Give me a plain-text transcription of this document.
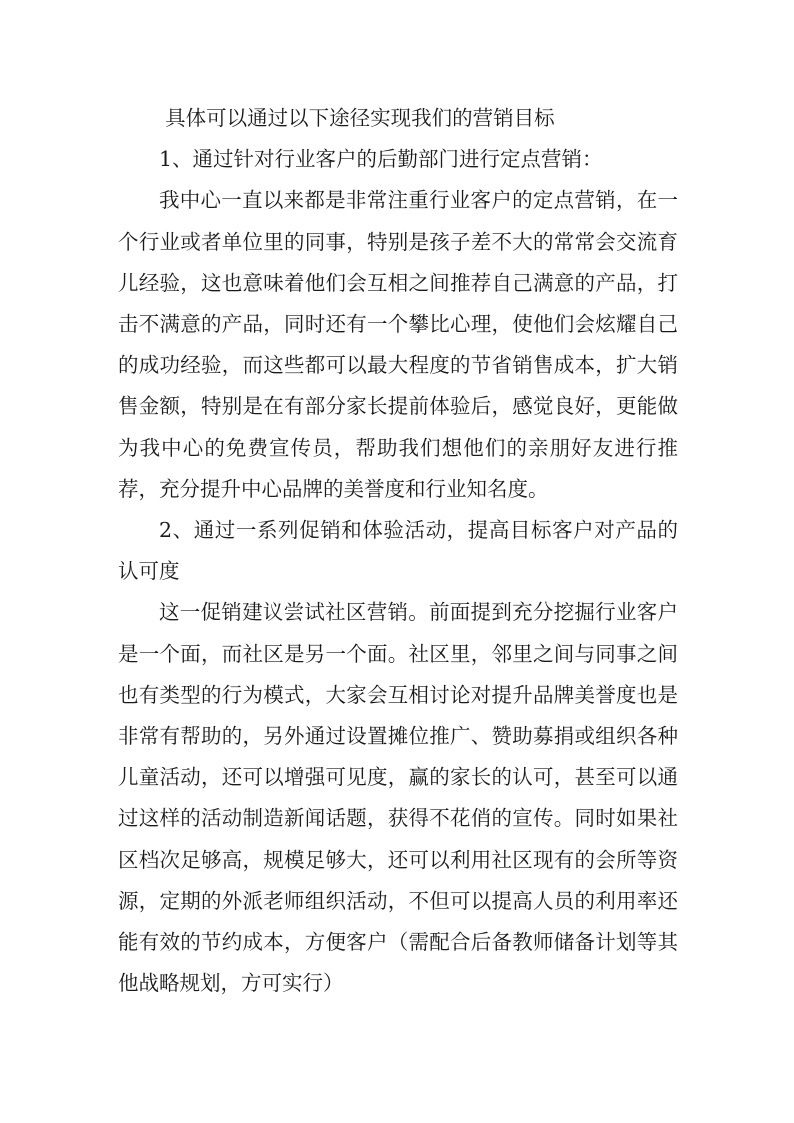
具体可以通过以下途径实现我们的营销目标

1、通过针对行业客户的后勤部门进行定点营销：

我中心一直以来都是非常注重行业客户的定点营销，在一个行业或者单位里的同事，特别是孩子差不大的常常会交流育儿经验，这也意味着他们会互相之间推荐自己满意的产品，打击不满意的产品，同时还有一个攀比心理，使他们会炫耀自己的成功经验，而这些都可以最大程度的节省销售成本，扩大销售金额，特别是在有部分家长提前体验后，感觉良好，更能做为我中心的免费宣传员，帮助我们想他们的亲朋好友进行推荐，充分提升中心品牌的美誉度和行业知名度。

2、通过一系列促销和体验活动，提高目标客户对产品的认可度

这一促销建议尝试社区营销。前面提到充分挖掘行业客户是一个面，而社区是另一个面。社区里，邻里之间与同事之间也有类型的行为模式，大家会互相讨论对提升品牌美誉度也是非常有帮助的，另外通过设置摊位推广、赞助募捐或组织各种儿童活动，还可以增强可见度，赢的家长的认可，甚至可以通过这样的活动制造新闻话题，获得不花俏的宣传。同时如果社区档次足够高，规模足够大，还可以利用社区现有的会所等资源，定期的外派老师组织活动，不但可以提高人员的利用率还能有效的节约成本，方便客户（需配合后备教师储备计划等其他战略规划，方可实行）
